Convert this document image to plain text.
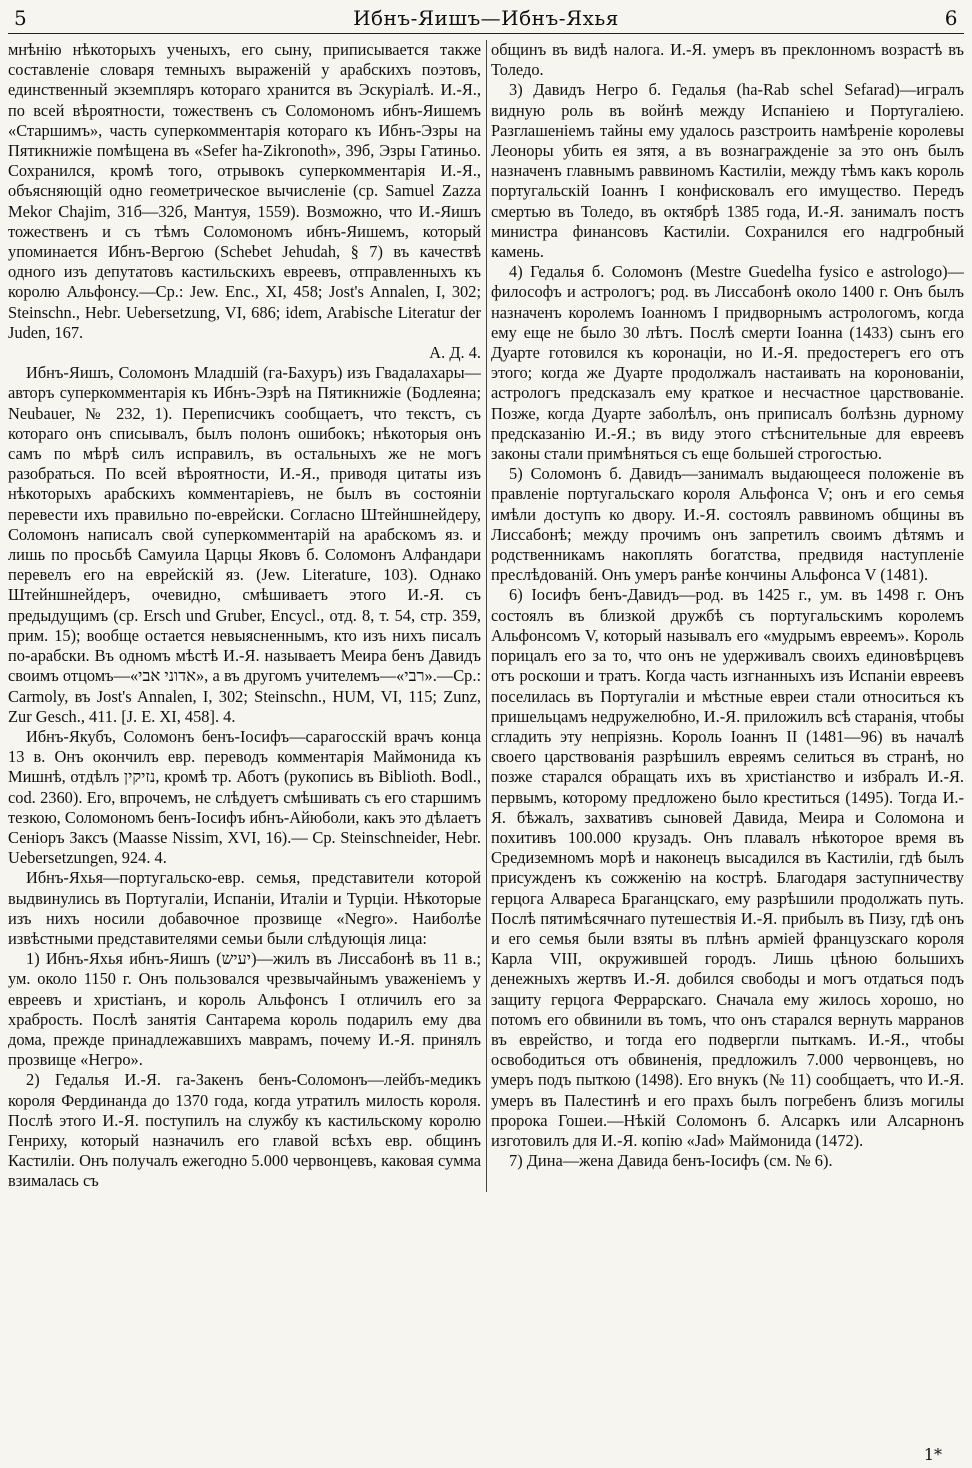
5	Ибнъ-Яишъ—Ибнъ-Яхья	6

мнѣнію нѣкоторыхъ ученыхъ, его сыну, приписывается также составленіе словаря темныхъ выраженій у арабскихъ поэтовъ, единственный экземпляръ котораго хранится въ Эскуріалѣ. И.-Я., по всей вѣроятности, тожественъ съ Соломономъ ибнъ-Яишемъ «Старшимъ», часть суперкомментарія котораго къ Ибнъ-Эзры на Пятикнижіе помѣщена въ «Sefer ha-Zikronoth», 39б, Эзры Гатиньо. Сохранился, кромѣ того, отрывокъ суперкомментарія И.-Я., объясняющій одно геометрическое вычисленіе (ср. Samuel Zazza Mekor Chajim, 31б—32б, Мантуя, 1559). Возможно, что И.-Яишъ тожественъ и съ тѣмъ Соломономъ ибнъ-Яишемъ, который упоминается Ибнъ-Вергою (Schebet Jehudah, § 7) въ качествѣ одного изъ депутатовъ кастильскихъ евреевъ, отправленныхъ къ королю Альфонсу.—Ср.: Jew. Enc., XI, 458; Jost's Annalen, I, 302; Steinschn., Hebr. Uebersetzung, VI, 686; idem, Arabische Literatur der Juden, 167.

А. Д. 4.

Ибнъ-Яишъ, Соломонъ Младшій (га-Бахуръ) изъ Гвадалахары—авторъ суперкомментарія къ Ибнъ-Эзрѣ на Пятикнижіе (Бодлеяна; Neubauer, № 232, 1). Переписчикъ сообщаетъ, что текстъ, съ котораго онъ списывалъ, былъ полонъ ошибокъ; нѣкоторыя онъ самъ по мѣрѣ силъ исправилъ, въ остальныхъ же не могъ разобраться. По всей вѣроятности, И.-Я., приводя цитаты изъ нѣкоторыхъ арабскихъ комментаріевъ, не былъ въ состояніи перевести ихъ правильно по-еврейски. Согласно Штейншнейдеру, Соломонъ написалъ свой суперкомментарій на арабскомъ яз. и лишь по просьбѣ Самуила Царцы Яковъ б. Соломонъ Алфандари перевелъ его на еврейскій яз. (Jew. Literature, 103). Однако Штейншнейдеръ, очевидно, смѣшиваетъ этого И.-Я. съ предыдущимъ (ср. Ersch und Gruber, Encycl., отд. 8, т. 54, стр. 359, прим. 15); вообще остается невыясненнымъ, кто изъ нихъ писалъ по-арабски. Въ одномъ мѣстѣ И.-Я. называетъ Меира бенъ Давидъ своимъ отцомъ—«אדוני אבי», а въ другомъ учителемъ—«רבי».—Ср.: Carmoly, въ Jost's Annalen, I, 302; Steinschn., HUM, VI, 115; Zunz, Zur Gesch., 411. [J. E. XI, 458]. 4.

Ибнъ-Якубъ, Соломонъ бенъ-Іосифъ—сарагосскій врачъ конца 13 в. Онъ окончилъ евр. переводъ комментарія Маймонида къ Мишнѣ, отдѣлъ נזיקין, кромѣ тр. Аботъ (рукопись въ Biblioth. Bodl., cod. 2360). Его, впрочемъ, не слѣдуетъ смѣшивать съ его старшимъ тезкою, Соломономъ бенъ-Іосифъ ибнъ-Айюболи, какъ это дѣлаетъ Сеніоръ Заксъ (Maasse Nissim, XVI, 16).— Ср. Steinschneider, Hebr. Uebersetzungen, 924. 4.

Ибнъ-Яхья—португальско-евр. семья, представители которой выдвинулись въ Португаліи, Испаніи, Италіи и Турціи. Нѣкоторые изъ нихъ носили добавочное прозвище «Negro». Наиболѣе извѣстными представителями семьи были слѣдующія лица:

1) Ибнъ-Яхья ибнъ-Яишъ (יעיש)—жилъ въ Лиссабонѣ въ 11 в.; ум. около 1150 г. Онъ пользовался чрезвычайнымъ уваженіемъ у евреевъ и христіанъ, и король Альфонсъ I отличилъ его за храбрость. Послѣ занятія Сантарема король подарилъ ему два дома, прежде принадлежавшихъ маврамъ, почему И.-Я. принялъ прозвище «Негро».

2) Гедалья И.-Я. га-Закенъ бенъ-Соломонъ—лейбъ-медикъ короля Фердинанда до 1370 года, когда утратилъ милость короля. Послѣ этого И.-Я. поступилъ на службу къ кастильскому королю Генриху, который назначилъ его главой всѣхъ евр. общинъ Кастиліи. Онъ получалъ ежегодно 5.000 червонцевъ, каковая сумма взималась съ

общинъ въ видѣ налога. И.-Я. умеръ въ преклонномъ возрастѣ въ Толедо.

3) Давидъ Негро б. Гедалья (ha-Rab schel Sefarad)—игралъ видную роль въ войнѣ между Испаніею и Португаліею. Разглашеніемъ тайны ему удалось разстроить намѣреніе королевы Леоноры убить ея зятя, а въ вознагражденіе за это онъ былъ назначенъ главнымъ раввиномъ Кастиліи, между тѣмъ какъ король португальскій Іоаннъ I конфисковалъ его имущество. Передъ смертью въ Толедо, въ октябрѣ 1385 года, И.-Я. занималъ постъ министра финансовъ Кастиліи. Сохранился его надгробный камень.

4) Гедалья б. Соломонъ (Mestre Guedelha fysico e astrologo)—философъ и астрологъ; род. въ Лиссабонѣ около 1400 г. Онъ былъ назначенъ королемъ Іоанномъ I придворнымъ астрологомъ, когда ему еще не было 30 лѣтъ. Послѣ смерти Іоанна (1433) сынъ его Дуарте готовился къ коронаціи, но И.-Я. предостерегъ его отъ этого; когда же Дуарте продолжалъ настаивать на коронованіи, астрологъ предсказалъ ему краткое и несчастное царствованіе. Позже, когда Дуарте заболѣлъ, онъ приписалъ болѣзнь дурному предсказанію И.-Я.; въ виду этого стѣснительные для евреевъ законы стали примѣняться съ еще большей строгостью.

5) Соломонъ б. Давидъ—занималъ выдающееся положеніе въ правленіе португальскаго короля Альфонса V; онъ и его семья имѣли доступъ ко двору. И.-Я. состоялъ раввиномъ общины въ Лиссабонѣ; между прочимъ онъ запретилъ своимъ дѣтямъ и родственникамъ накоплять богатства, предвидя наступленіе преслѣдованій. Онъ умеръ ранѣе кончины Альфонса V (1481).

6) Іосифъ бенъ-Давидъ—род. въ 1425 г., ум. въ 1498 г. Онъ состоялъ въ близкой дружбѣ съ португальскимъ королемъ Альфонсомъ V, который называлъ его «мудрымъ евреемъ». Король порицалъ его за то, что онъ не удерживалъ своихъ единовѣрцевъ отъ роскоши и тратъ. Когда часть изгнанныхъ изъ Испаніи евреевъ поселилась въ Португаліи и мѣстные евреи стали относиться къ пришельцамъ недружелюбно, И.-Я. приложилъ всѣ старанія, чтобы сгладить эту непріязнь. Король Іоаннъ II (1481—96) въ началѣ своего царствованія разрѣшилъ евреямъ селиться въ странѣ, но позже старался обращать ихъ въ христіанство и избралъ И.-Я. первымъ, которому предложено было креститься (1495). Тогда И.-Я. бѣжалъ, захвативъ сыновей Давида, Меира и Соломона и похитивъ 100.000 крузадъ. Онъ плавалъ нѣкоторое время въ Средиземномъ морѣ и наконецъ высадился въ Кастиліи, гдѣ былъ присужденъ къ сожженію на кострѣ. Благодаря заступничеству герцога Алвареса Браганцскаго, ему разрѣшили продолжать путь. Послѣ пятимѣсячнаго путешествія И.-Я. прибылъ въ Пизу, гдѣ онъ и его семья были взяты въ плѣнъ арміей французскаго короля Карла VIII, окружившей городъ. Лишь цѣною большихъ денежныхъ жертвъ И.-Я. добился свободы и могъ отдаться подъ защиту герцога Феррарскаго. Сначала ему жилось хорошо, но потомъ его обвинили въ томъ, что онъ старался вернуть марранов въ еврейство, и тогда его подвергли пыткамъ. И.-Я., чтобы освободиться отъ обвиненія, предложилъ 7.000 червонцевъ, но умеръ подъ пыткою (1498). Его внукъ (№ 11) сообщаетъ, что И.-Я. умеръ въ Палестинѣ и его прахъ былъ погребенъ близъ могилы пророка Гошеи.—Нѣкій Соломонъ б. Алсаркъ или Алсарнонъ изготовилъ для И.-Я. копію «Jad» Маймонида (1472).

7) Дина—жена Давида бенъ-Іосифъ (см. № 6).

1*
